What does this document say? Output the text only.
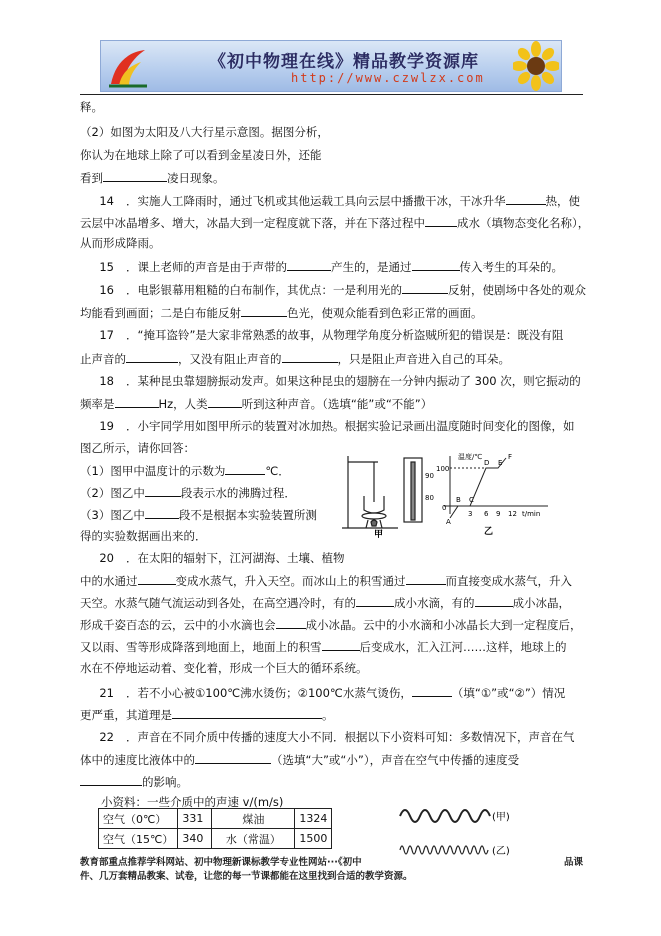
《初中物理在线》精品教学资源库
http://www.czwlzx.com
释。
（2）如图为太阳及八大行星示意图。据图分析，
你认为在地球上除了可以看到金星凌日外，还能
看到	凌日现象。
14 ．实施人工降雨时，通过飞机或其他运载工具向云层中播撒干冰，干冰升华	热，使
云层中冰晶增多、增大，冰晶大到一定程度就下落，并在下落过程中	成水（填物态变化名称），
从而形成降雨。
15 ．课上老师的声音是由于声带的	产生的，是通过	传入考生的耳朵的。
16 ．电影银幕用粗糙的白布制作，其优点：一是利用光的	反射，使剧场中各处的观众
均能看到画面；二是白布能反射	色光，使观众能看到色彩正常的画面。
17 ．“掩耳盗铃”是大家非常熟悉的故事，从物理学角度分析盗贼所犯的错误是：既没有阻
止声音的	，又没有阻止声音的	，只是阻止声音进入自己的耳朵。
18 ．某种昆虫靠翅膀振动发声。如果这种昆虫的翅膀在一分钟内振动了 300 次，则它振动的
频率是	Hz，人类	听到这种声音。（选填“能”或“不能”）
19 ．小宇同学用如图甲所示的装置对冰加热。根据实验记录画出温度随时间变化的图像，如
图乙所示，请你回答：
（1）图甲中温度计的示数为	℃．
（2）图乙中	段表示水的沸腾过程．
（3）图乙中	段不是根据本实验装置所测
得的实验数据画出来的．
90
80
甲
温度/℃
100
0
3 6 9 12 t/min
A
B C
D E
F
乙
20 ．在太阳的辐射下，江河湖海、土壤、植物
中的水通过	变成水蒸气，升入天空。而冰山上的积雪通过	而直接变成水蒸气，升入
天空。水蒸气随气流运动到各处，在高空遇冷时，有的	成小水滴，有的	成小冰晶，
形成千姿百态的云，云中的小水滴也会	成小冰晶。云中的小水滴和小冰晶长大到一定程度后，
又以雨、雪等形成降落到地面上，地面上的积雪	后变成水，汇入江河……这样，地球上的
水在不停地运动着、变化着，形成一个巨大的循环系统。
21 ．若不小心被①100℃沸水烫伤；②100℃水蒸气烫伤，	（填“①”或“②”）情况
更严重，其道理是	。
22 ．声音在不同介质中传播的速度大小不同．根据以下小资料可知：多数情况下，声音在气
体中的速度比液体中的	（选填“大”或“小”），声音在空气中传播的速度受
的影响。
小资料：一些介质中的声速 v/(m/s)
空气（0℃）	331	煤油	1324
空气（15℃）	340	水（常温）	1500
(甲)
(乙)
教育部重点推荐学科网站、初中物理新课标教学专业性网站···《初中	品课
件、几万套精品教案、试卷，让您的每一节课都能在这里找到合适的教学资源。
